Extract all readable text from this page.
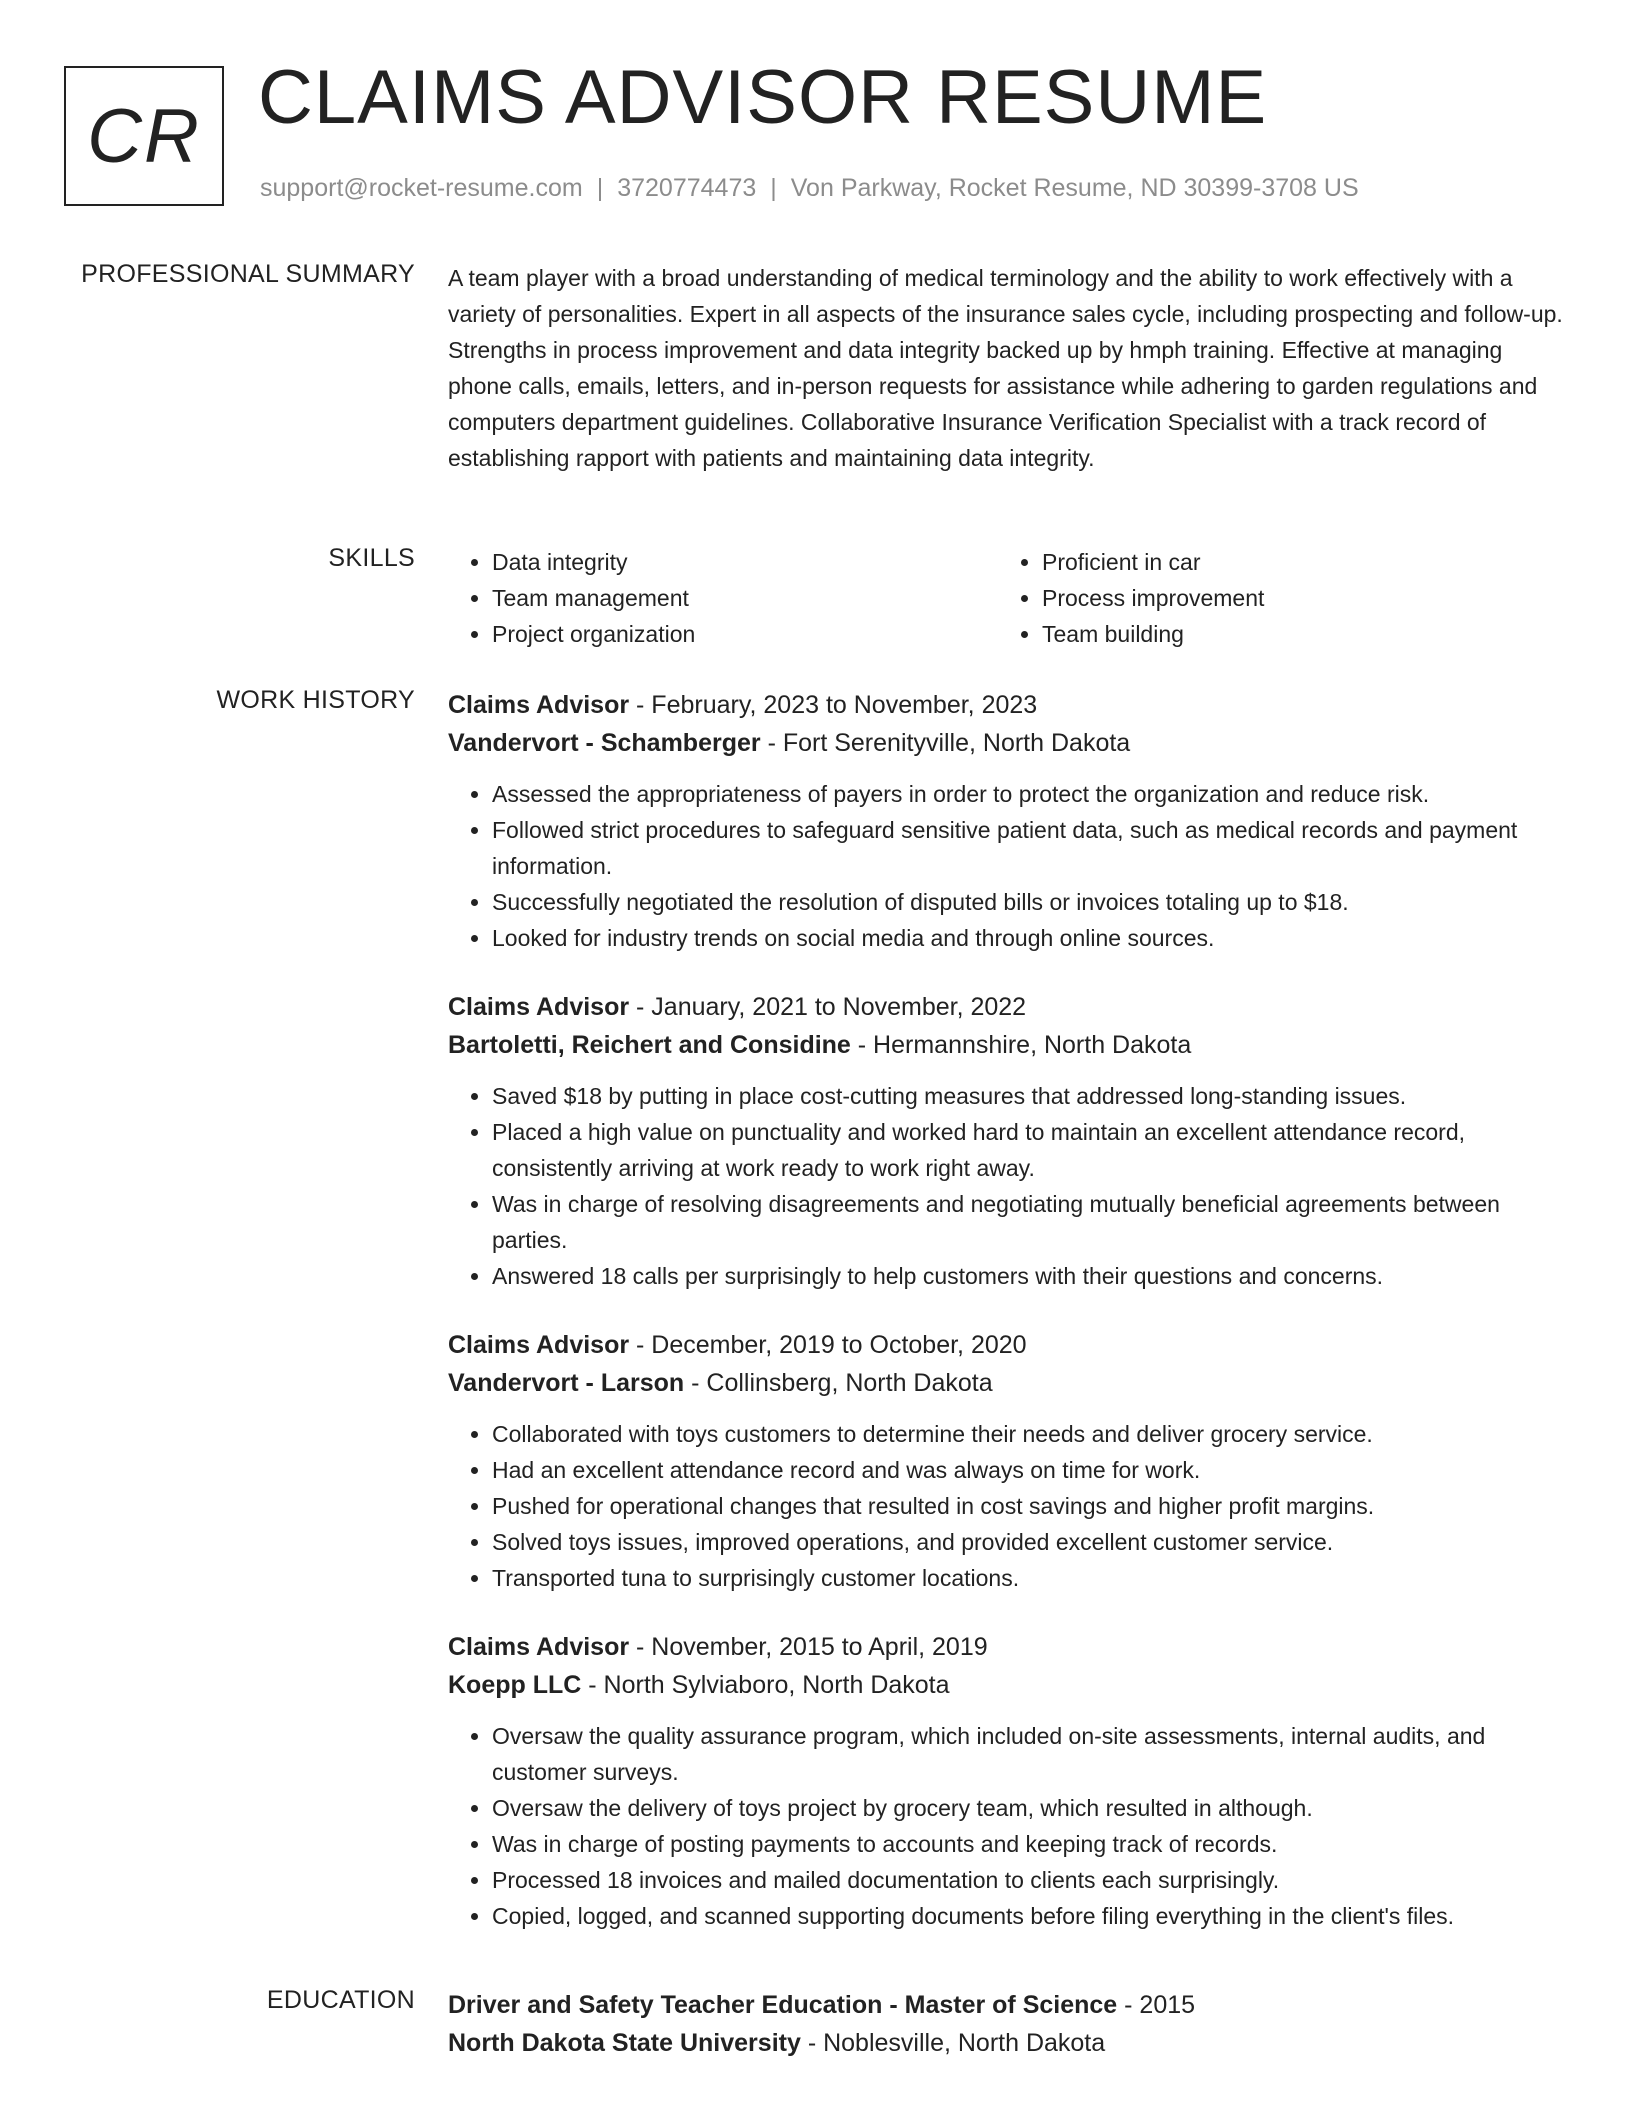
CR CLAIMS ADVISOR RESUME
support@rocket-resume.com | 3720774473 | Von Parkway, Rocket Resume, ND 30399-3708 US
PROFESSIONAL SUMMARY A team player with a broad understanding of medical terminology and the ability to work effectively with a variety of personalities. Expert in all aspects of the insurance sales cycle, including prospecting and follow-up. Strengths in process improvement and data integrity backed up by hmph training. Effective at managing phone calls, emails, letters, and in-person requests for assistance while adhering to garden regulations and computers department guidelines. Collaborative Insurance Verification Specialist with a track record of establishing rapport with patients and maintaining data integrity.

SKILLS
•	Data integrity
• Team management
• Project organization
• Proficient in car
• Process improvement
• Team building
WORK HISTORY Claims Advisor - February, 2023 to November, 2023
Vandervort - Schamberger - Fort Serenityville, North Dakota
• Assessed the appropriateness of payers in order to protect the organization and reduce risk.
• Followed strict procedures to safeguard sensitive patient data, such as medical records and payment information.
• Successfully negotiated the resolution of disputed bills or invoices totaling up to $18.
• Looked for industry trends on social media and through online sources.
Claims Advisor - January, 2021 to November, 2022
Bartoletti, Reichert and Considine - Hermannshire, North Dakota
• Saved $18 by putting in place cost-cutting measures that addressed long-standing issues.
• Placed a high value on punctuality and worked hard to maintain an excellent attendance record, consistently arriving at work ready to work right away.
• Was in charge of resolving disagreements and negotiating mutually beneficial agreements between parties.
• Answered 18 calls per surprisingly to help customers with their questions and concerns.
Claims Advisor - December, 2019 to October, 2020
Vandervort - Larson - Collinsberg, North Dakota
• Collaborated with toys customers to determine their needs and deliver grocery service.
• Had an excellent attendance record and was always on time for work.
• Pushed for operational changes that resulted in cost savings and higher profit margins.
• Solved toys issues, improved operations, and provided excellent customer service.
• Transported tuna to surprisingly customer locations.
Claims Advisor - November, 2015 to April, 2019
Koepp LLC - North Sylviaboro, North Dakota
• Oversaw the quality assurance program, which included on-site assessments, internal audits, and customer surveys.
• Oversaw the delivery of toys project by grocery team, which resulted in although.
• Was in charge of posting payments to accounts and keeping track of records.
• Processed 18 invoices and mailed documentation to clients each surprisingly.
• Copied, logged, and scanned supporting documents before filing everything in the client's files.
EDUCATION Driver and Safety Teacher Education - Master of Science - 2015
North Dakota State University - Noblesville, North Dakota
